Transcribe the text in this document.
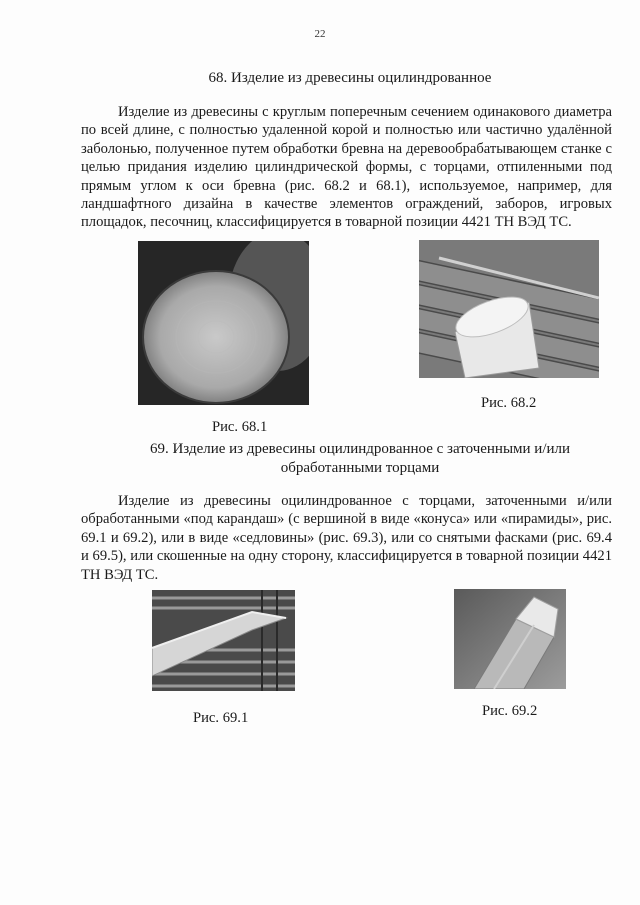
22
68. Изделие из древесины оцилиндрованное
Изделие из древесины с круглым поперечным сечением одинакового диаметра по всей длине, с полностью удаленной корой и полностью или частично удалённой заболонью, полученное путем обработки бревна на деревообрабатывающем станке с целью придания изделию цилиндрической формы, с торцами, отпиленными под прямым углом к оси бревна (рис. 68.2 и 68.1), используемое, например, для ландшафтного дизайна в качестве элементов ограждений, заборов, игровых площадок, песочниц, классифицируется в товарной позиции 4421 ТН ВЭД ТС.
Рис. 68.1
Рис. 68.2
69. Изделие из древесины оцилиндрованное с заточенными и/или
обработанными торцами
Изделие из древесины оцилиндрованное с торцами, заточенными и/или обработанными «под карандаш» (с вершиной в виде «конуса» или «пирамиды», рис. 69.1 и 69.2), или в виде «седловины» (рис. 69.3), или со снятыми фасками (рис. 69.4 и 69.5), или скошенные на одну сторону, классифицируется в товарной позиции 4421 ТН ВЭД ТС.
Рис. 69.1	Рис. 69.2
